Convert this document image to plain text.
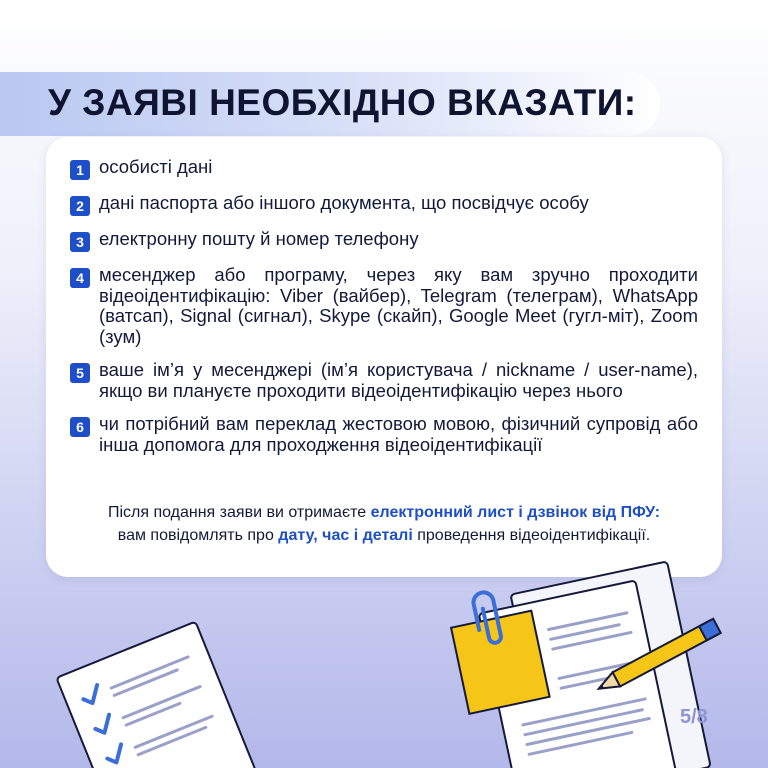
У ЗАЯВІ НЕОБХІДНО ВКАЗАТИ:
1 особисті дані
2 дані паспорта або іншого документа, що посвідчує особу
3 електронну пошту й номер телефону
4 месенджер або програму, через яку вам зручно проходити відеоідентифікацію: Viber (вайбер), Telegram (телеграм), WhatsApp (ватсап), Signal (сигнал), Skype (скайп), Google Meet (гугл-міт), Zoom (зум)
5 ваше ім’я у месенджері (ім’я користувача / nickname / user-name), якщо ви плануєте проходити відеоідентифікацію через нього
6 чи потрібний вам переклад жестовою мовою, фізичний супровід або інша допомога для проходження відеоідентифікації
Після подання заяви ви отримаєте електронний лист і дзвінок від ПФУ:
вам повідомлять про дату, час і деталі проведення відеоідентифікації.
5/8
